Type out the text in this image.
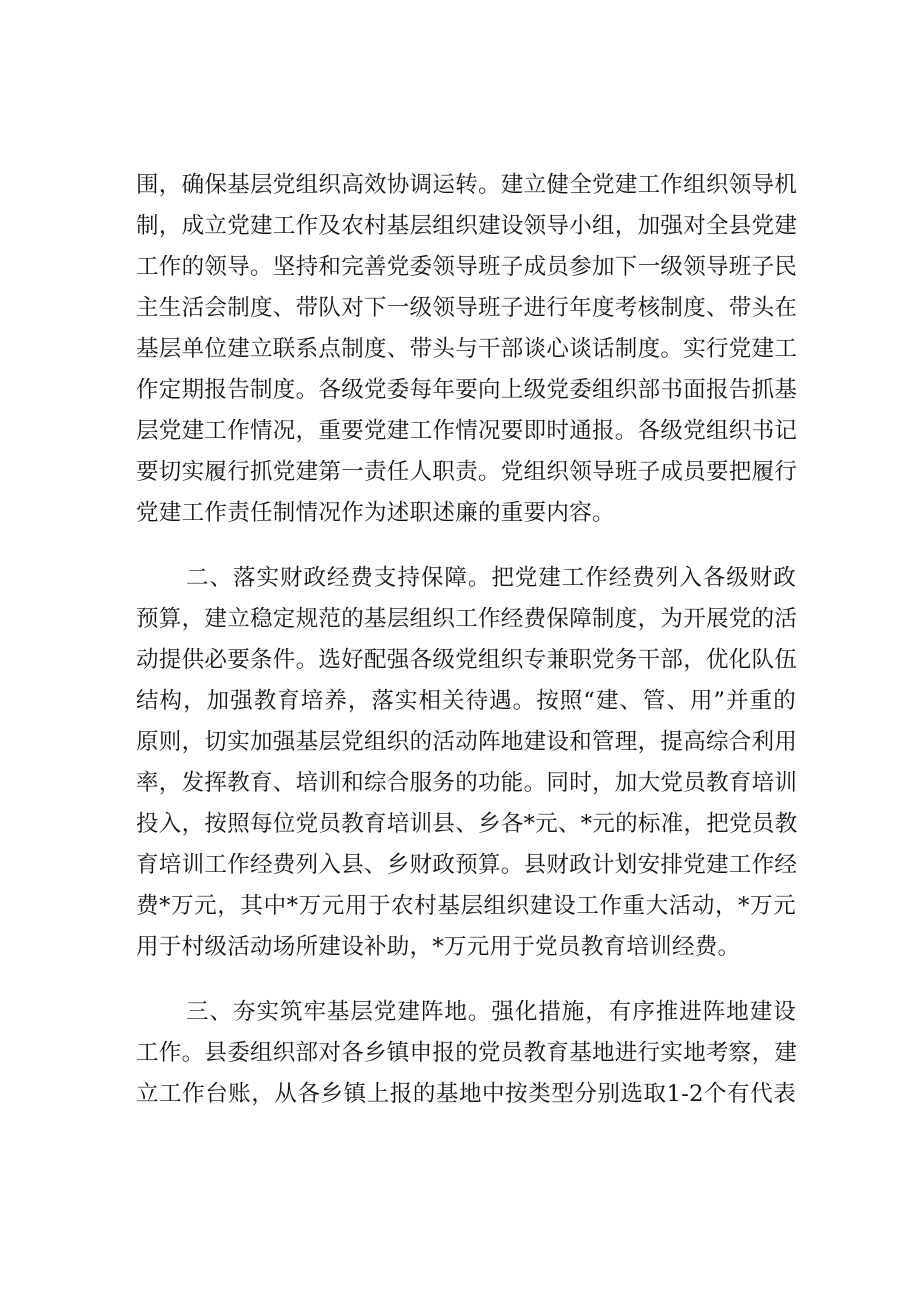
围，确保基层党组织高效协调运转。建立健全党建工作组织领导机
制，成立党建工作及农村基层组织建设领导小组，加强对全县党建
工作的领导。坚持和完善党委领导班子成员参加下一级领导班子民
主生活会制度、带队对下一级领导班子进行年度考核制度、带头在
基层单位建立联系点制度、带头与干部谈心谈话制度。实行党建工
作定期报告制度。各级党委每年要向上级党委组织部书面报告抓基
层党建工作情况，重要党建工作情况要即时通报。各级党组织书记
要切实履行抓党建第一责任人职责。党组织领导班子成员要把履行
党建工作责任制情况作为述职述廉的重要内容。
二、落实财政经费支持保障。把党建工作经费列入各级财政
预算，建立稳定规范的基层组织工作经费保障制度，为开展党的活
动提供必要条件。选好配强各级党组织专兼职党务干部，优化队伍
结构，加强教育培养，落实相关待遇。按照“建、管、用”并重的
原则，切实加强基层党组织的活动阵地建设和管理，提高综合利用
率，发挥教育、培训和综合服务的功能。同时，加大党员教育培训
投入，按照每位党员教育培训县、乡各*元、*元的标准，把党员教
育培训工作经费列入县、乡财政预算。县财政计划安排党建工作经
费*万元，其中*万元用于农村基层组织建设工作重大活动，*万元
用于村级活动场所建设补助，*万元用于党员教育培训经费。
三、夯实筑牢基层党建阵地。强化措施，有序推进阵地建设
工作。县委组织部对各乡镇申报的党员教育基地进行实地考察，建
立工作台账，从各乡镇上报的基地中按类型分别选取1-2个有代表
